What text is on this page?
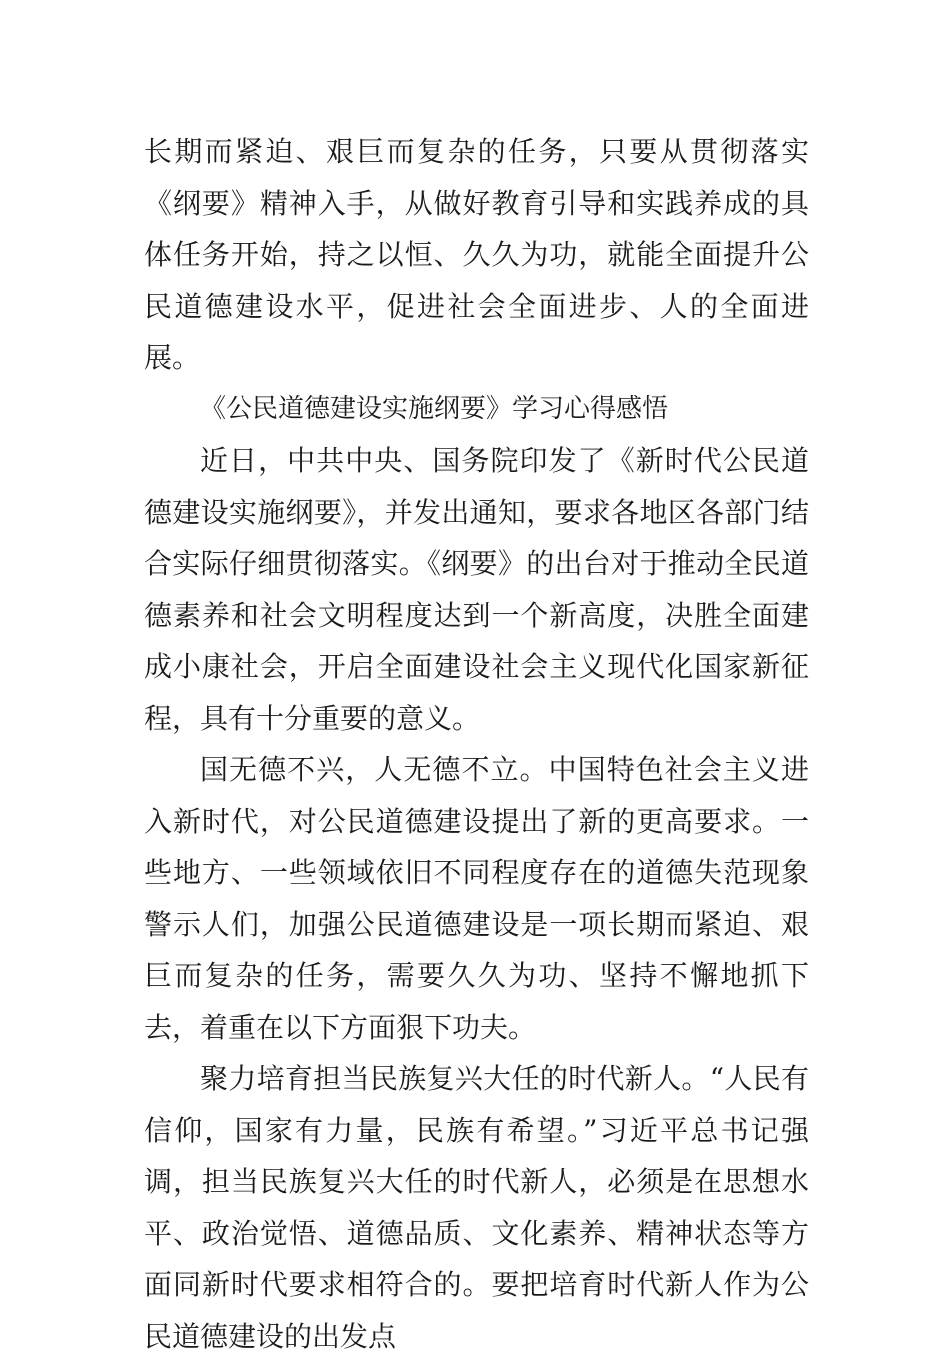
长期而紧迫、艰巨而复杂的任务，只要从贯彻落实《纲要》精神入手，从做好教育引导和实践养成的具体任务开始，持之以恒、久久为功，就能全面提升公民道德建设水平，促进社会全面进步、人的全面进展。

《公民道德建设实施纲要》学习心得感悟

近日，中共中央、国务院印发了《新时代公民道德建设实施纲要》，并发出通知，要求各地区各部门结合实际仔细贯彻落实。《纲要》的出台对于推动全民道德素养和社会文明程度达到一个新高度，决胜全面建成小康社会，开启全面建设社会主义现代化国家新征程，具有十分重要的意义。

国无德不兴，人无德不立。中国特色社会主义进入新时代，对公民道德建设提出了新的更高要求。一些地方、一些领域依旧不同程度存在的道德失范现象警示人们，加强公民道德建设是一项长期而紧迫、艰巨而复杂的任务，需要久久为功、坚持不懈地抓下去，着重在以下方面狠下功夫。

聚力培育担当民族复兴大任的时代新人。“人民有信仰，国家有力量，民族有希望。”习近平总书记强调，担当民族复兴大任的时代新人，必须是在思想水平、政治觉悟、道德品质、文化素养、精神状态等方面同新时代要求相符合的。要把培育时代新人作为公民道德建设的出发点
